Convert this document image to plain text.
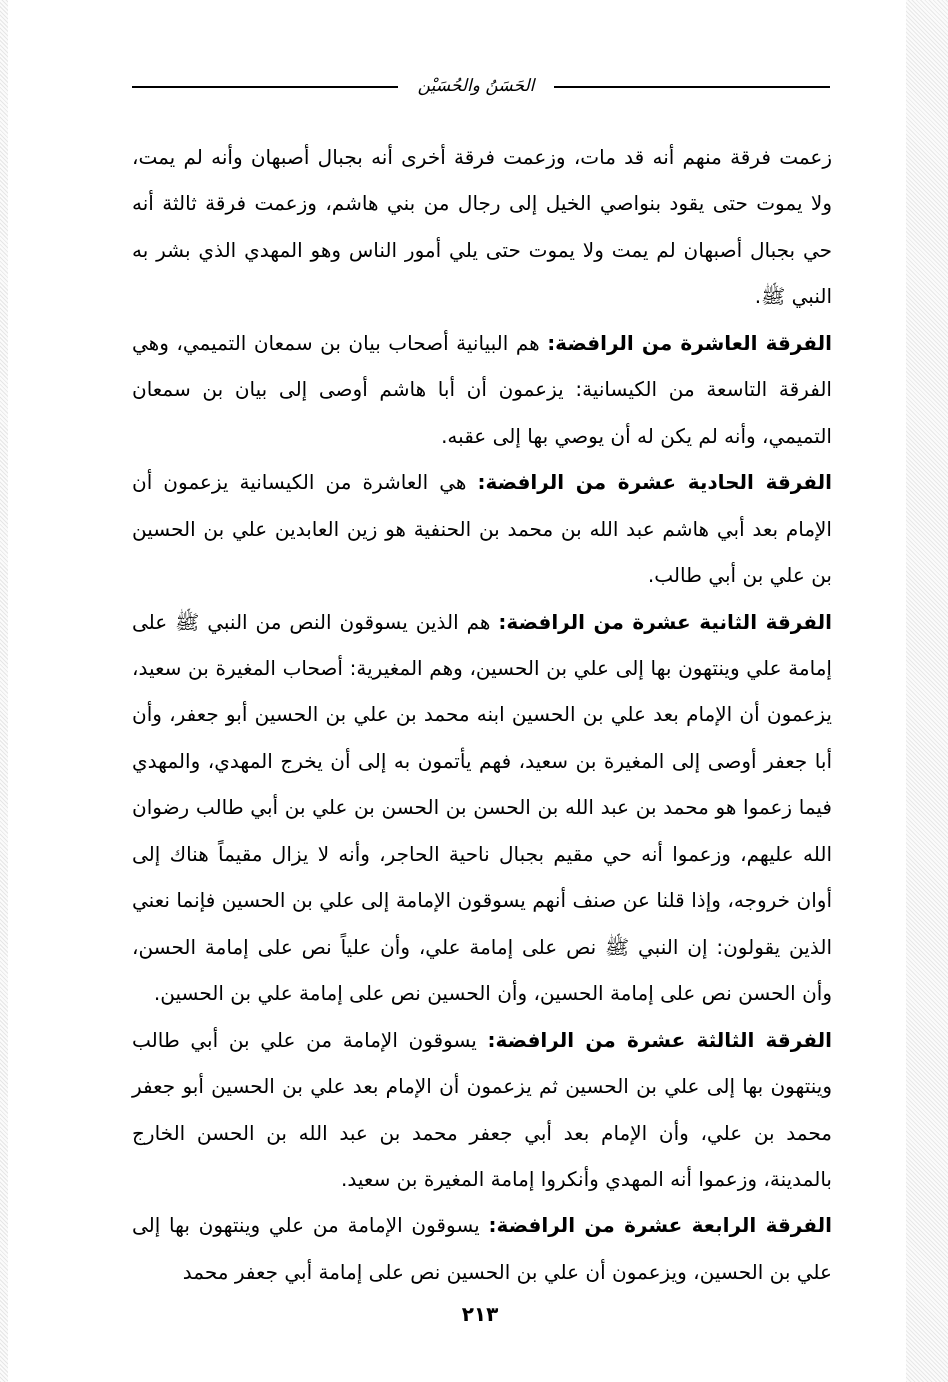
الحَسَنُ والحُسَيْن

زعمت فرقة منهم أنه قد مات، وزعمت فرقة أخرى أنه بجبال أصبهان وأنه لم يمت، ولا يموت حتى يقود بنواصي الخيل إلى رجال من بني هاشم، وزعمت فرقة ثالثة أنه حي بجبال أصبهان لم يمت ولا يموت حتى يلي أمور الناس وهو المهدي الذي بشر به النبي ﷺ.

الفرقة العاشرة من الرافضة: هم البيانية أصحاب بيان بن سمعان التميمي، وهي الفرقة التاسعة من الكيسانية: يزعمون أن أبا هاشم أوصى إلى بيان بن سمعان التميمي، وأنه لم يكن له أن يوصي بها إلى عقبه.

الفرقة الحادية عشرة من الرافضة: هي العاشرة من الكيسانية يزعمون أن الإمام بعد أبي هاشم عبد الله بن محمد بن الحنفية هو زين العابدين علي بن الحسين بن علي بن أبي طالب.

الفرقة الثانية عشرة من الرافضة: هم الذين يسوقون النص من النبي ﷺ على إمامة علي وينتهون بها إلى علي بن الحسين، وهم المغيرية: أصحاب المغيرة بن سعيد، يزعمون أن الإمام بعد علي بن الحسين ابنه محمد بن علي بن الحسين أبو جعفر، وأن أبا جعفر أوصى إلى المغيرة بن سعيد، فهم يأتمون به إلى أن يخرج المهدي، والمهدي فيما زعموا هو محمد بن عبد الله بن الحسن بن الحسن بن علي بن أبي طالب رضوان الله عليهم، وزعموا أنه حي مقيم بجبال ناحية الحاجر، وأنه لا يزال مقيماً هناك إلى أوان خروجه، وإذا قلنا عن صنف أنهم يسوقون الإمامة إلى علي بن الحسين فإنما نعني الذين يقولون: إن النبي ﷺ نص على إمامة علي، وأن علياً نص على إمامة الحسن، وأن الحسن نص على إمامة الحسين، وأن الحسين نص على إمامة علي بن الحسين.

الفرقة الثالثة عشرة من الرافضة: يسوقون الإمامة من علي بن أبي طالب وينتهون بها إلى علي بن الحسين ثم يزعمون أن الإمام بعد علي بن الحسين أبو جعفر محمد بن علي، وأن الإمام بعد أبي جعفر محمد بن عبد الله بن الحسن الخارج بالمدينة، وزعموا أنه المهدي وأنكروا إمامة المغيرة بن سعيد.

الفرقة الرابعة عشرة من الرافضة: يسوقون الإمامة من علي وينتهون بها إلى علي بن الحسين، ويزعمون أن علي بن الحسين نص على إمامة أبي جعفر محمد

٢١٣
